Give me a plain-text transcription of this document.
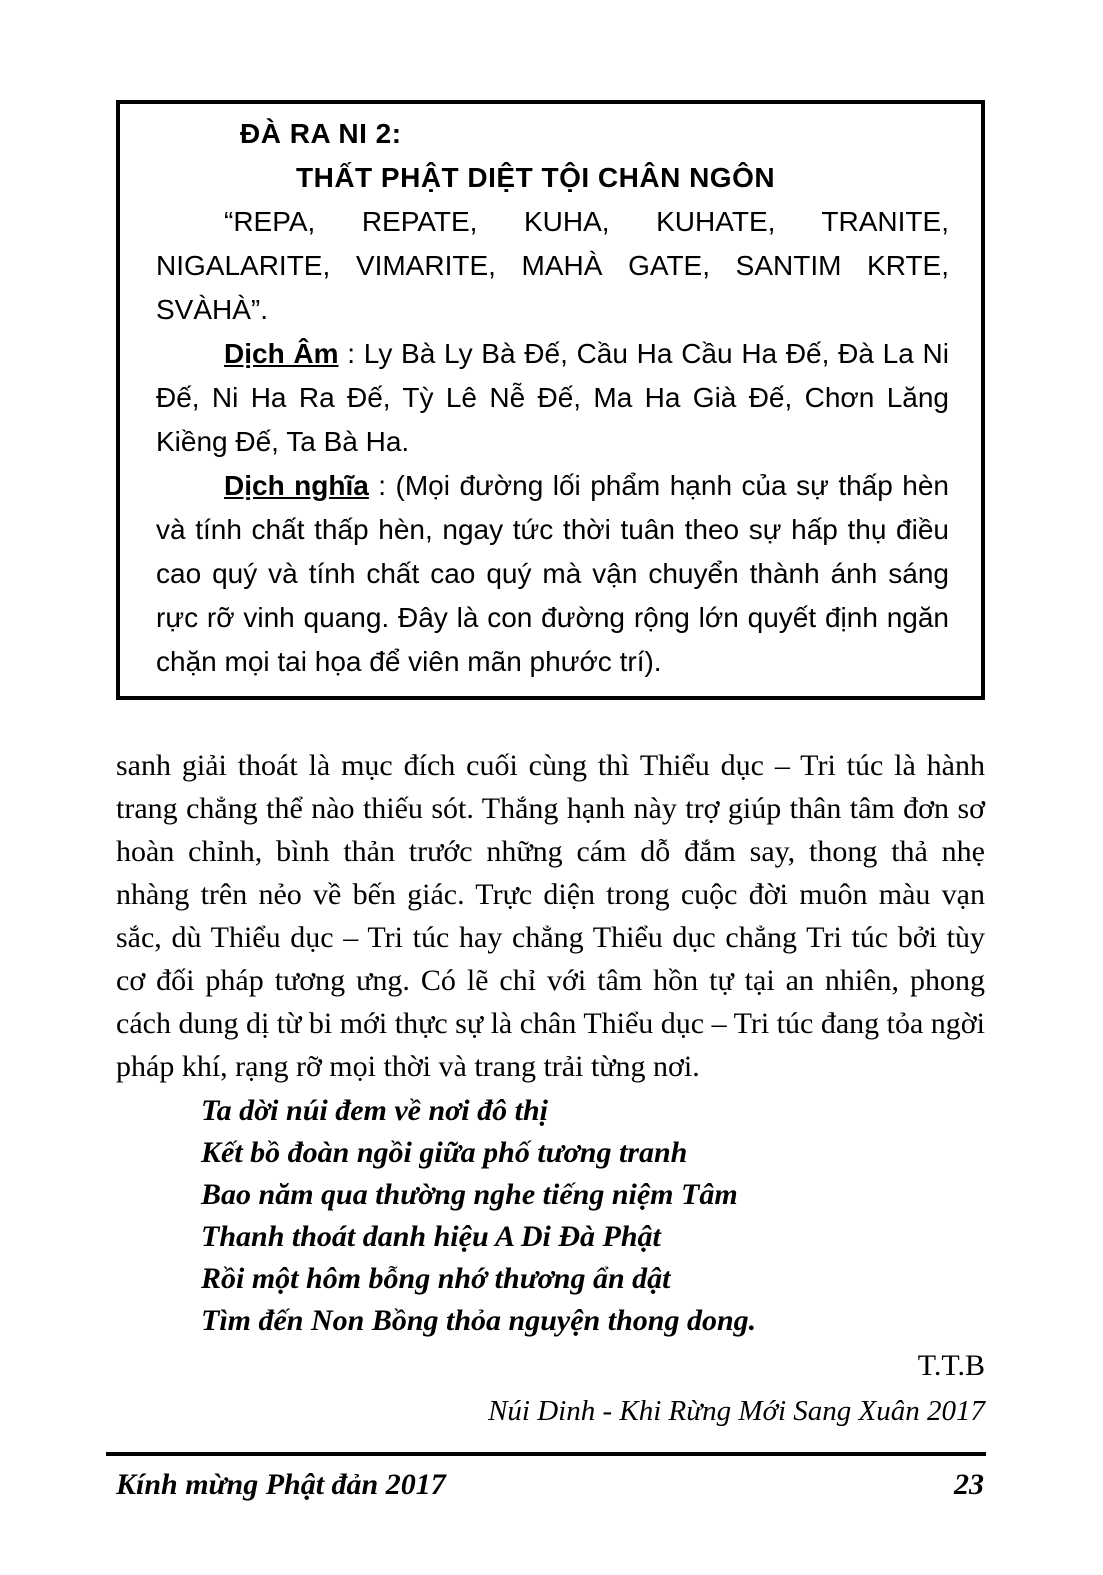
ĐÀ RA NI 2:
THẤT PHẬT DIỆT TỘI CHÂN NGÔN

“REPA, REPATE, KUHA, KUHATE, TRANITE, NIGALARITE, VIMARITE, MAHÀ GATE, SANTIM KRTE, SVÀHÀ”.

Dịch Âm : Ly Bà Ly Bà Đế, Cầu Ha Cầu Ha Đế, Đà La Ni Đế, Ni Ha Ra Đế, Tỳ Lê Nễ Đế, Ma Ha Già Đế, Chơn Lăng Kiềng Đế, Ta Bà Ha.

Dịch nghĩa : (Mọi đường lối phẩm hạnh của sự thấp hèn và tính chất thấp hèn, ngay tức thời tuân theo sự hấp thụ điều cao quý và tính chất cao quý mà vận chuyển thành ánh sáng rực rỡ vinh quang. Đây là con đường rộng lớn quyết định ngăn chặn mọi tai họa để viên mãn phước trí).

sanh giải thoát là mục đích cuối cùng thì Thiểu dục – Tri túc là hành trang chẳng thể nào thiếu sót. Thắng hạnh này trợ giúp thân tâm đơn sơ hoàn chỉnh, bình thản trước những cám dỗ đắm say, thong thả nhẹ nhàng trên nẻo về bến giác. Trực diện trong cuộc đời muôn màu vạn sắc, dù Thiểu dục – Tri túc hay chẳng Thiểu dục chẳng Tri túc bởi tùy cơ đối pháp tương ưng. Có lẽ chỉ với tâm hồn tự tại an nhiên, phong cách dung dị từ bi mới thực sự là chân Thiểu dục – Tri túc đang tỏa ngời pháp khí, rạng rỡ mọi thời và trang trải từng nơi.

Ta dời núi đem về nơi đô thị
Kết bồ đoàn ngồi giữa phố tương tranh
Bao năm qua thường nghe tiếng niệm Tâm
Thanh thoát danh hiệu A Di Đà Phật
Rồi một hôm bỗng nhớ thương ẩn dật
Tìm đến Non Bồng thỏa nguyện thong dong.
T.T.B
Núi Dinh - Khi Rừng Mới Sang Xuân 2017
Kính mừng Phật đản 2017	23
